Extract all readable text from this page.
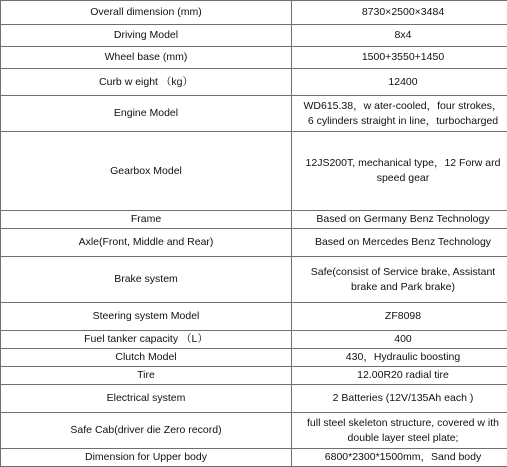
Overall dimension (mm)	8730×2500×3484
Driving Model	8x4
Wheel base (mm)	1500+3550+1450
Curb w eight （kg）	12400
Engine Model	WD615.38，w ater-cooled，four strokes，
6 cylinders straight in line，turbocharged
Gearbox Model	12JS200T, mechanical type，12 Forw ard
speed gear
Frame	Based on Germany Benz Technology
Axle(Front, Middle and Rear)	Based on Mercedes Benz Technology
Brake system	Safe(consist of Service brake, Assistant
brake and Park brake)
Steering system Model	ZF8098
Fuel tanker capacity （L）	400
Clutch Model	430，Hydraulic boosting
Tire	12.00R20 radial tire
Electrical system	2 Batteries (12V/135Ah each )
Safe Cab(driver die Zero record)	full steel skeleton structure, covered w ith
double layer steel plate;
Dimension for Upper body	6800*2300*1500mm，Sand body
